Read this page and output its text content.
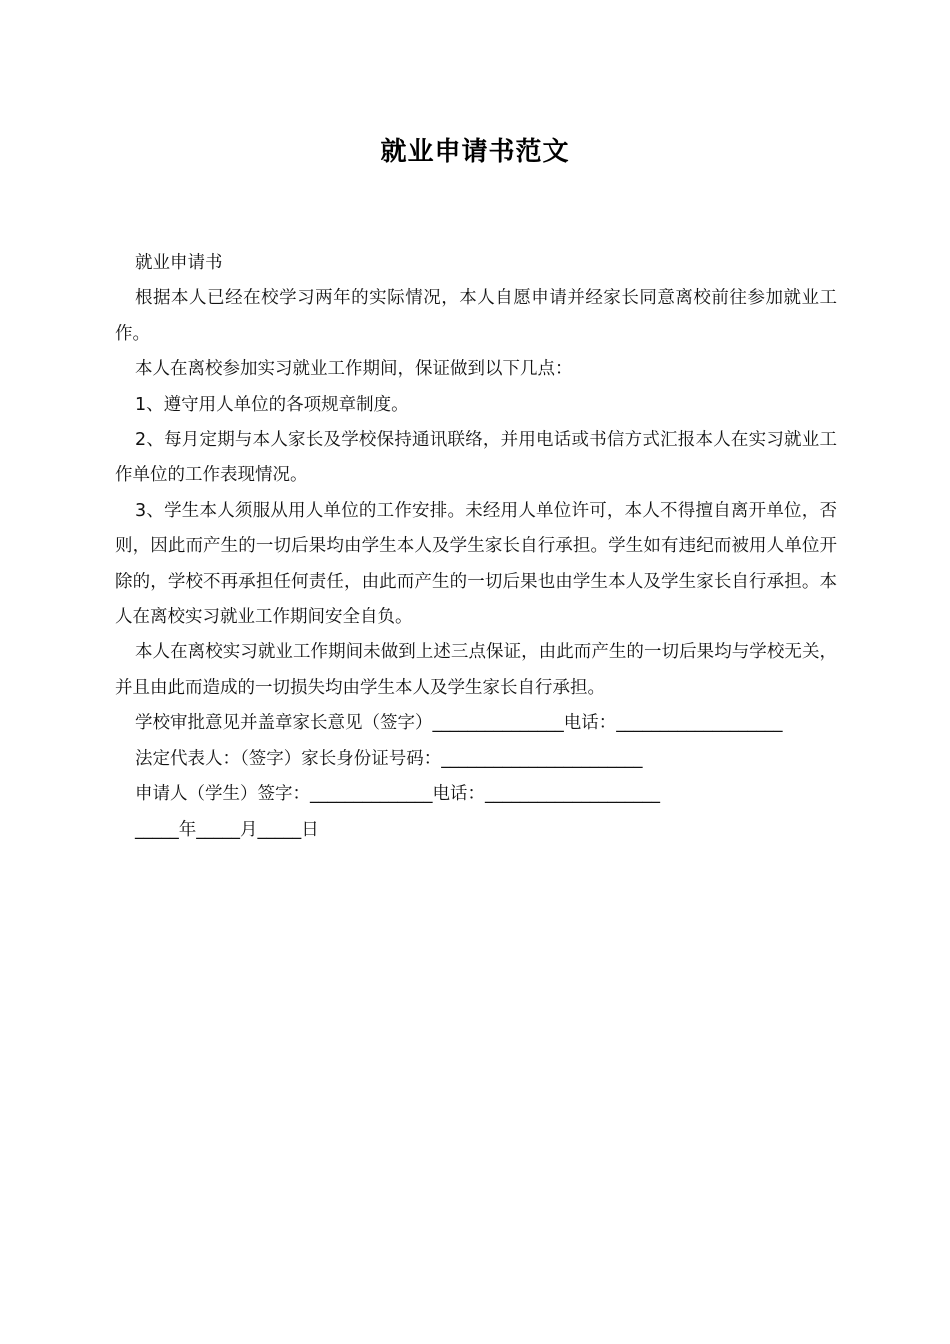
就业申请书范文

就业申请书

根据本人已经在校学习两年的实际情况，本人自愿申请并经家长同意离校前往参加就业工作。

本人在离校参加实习就业工作期间，保证做到以下几点：

1、遵守用人单位的各项规章制度。

2、每月定期与本人家长及学校保持通讯联络，并用电话或书信方式汇报本人在实习就业工作单位的工作表现情况。

3、学生本人须服从用人单位的工作安排。未经用人单位许可，本人不得擅自离开单位，否则，因此而产生的一切后果均由学生本人及学生家长自行承担。学生如有违纪而被用人单位开除的，学校不再承担任何责任，由此而产生的一切后果也由学生本人及学生家长自行承担。本人在离校实习就业工作期间安全自负。

本人在离校实习就业工作期间未做到上述三点保证，由此而产生的一切后果均与学校无关，并且由此而造成的一切损失均由学生本人及学生家长自行承担。

学校审批意见并盖章家长意见（签字）_______________电话：___________________

法定代表人：（签字）家长身份证号码：_______________________

申请人（学生）签字：______________电话：____________________

_____年_____月_____日
